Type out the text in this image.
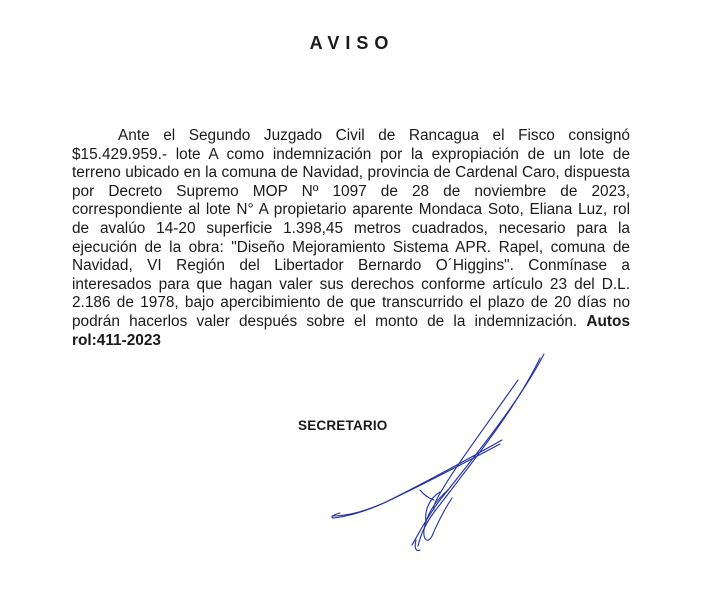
AVISO

Ante el Segundo Juzgado Civil de Rancagua el Fisco consignó $15.429.959.- lote A como indemnización por la expropiación de un lote de terreno ubicado en la comuna de Navidad, provincia de Cardenal Caro, dispuesta por Decreto Supremo MOP Nº 1097 de 28 de noviembre de 2023, correspondiente al lote N° A propietario aparente Mondaca Soto, Eliana Luz, rol de avalúo 14-20 superficie 1.398,45 metros cuadrados, necesario para la ejecución de la obra: "Diseño Mejoramiento Sistema APR. Rapel, comuna de Navidad, VI Región del Libertador Bernardo O´Higgins". Conmínase a interesados para que hagan valer sus derechos conforme artículo 23 del D.L. 2.186 de 1978, bajo apercibimiento de que transcurrido el plazo de 20 días no podrán hacerlos valer después sobre el monto de la indemnización. Autos rol:411-2023

SECRETARIO
